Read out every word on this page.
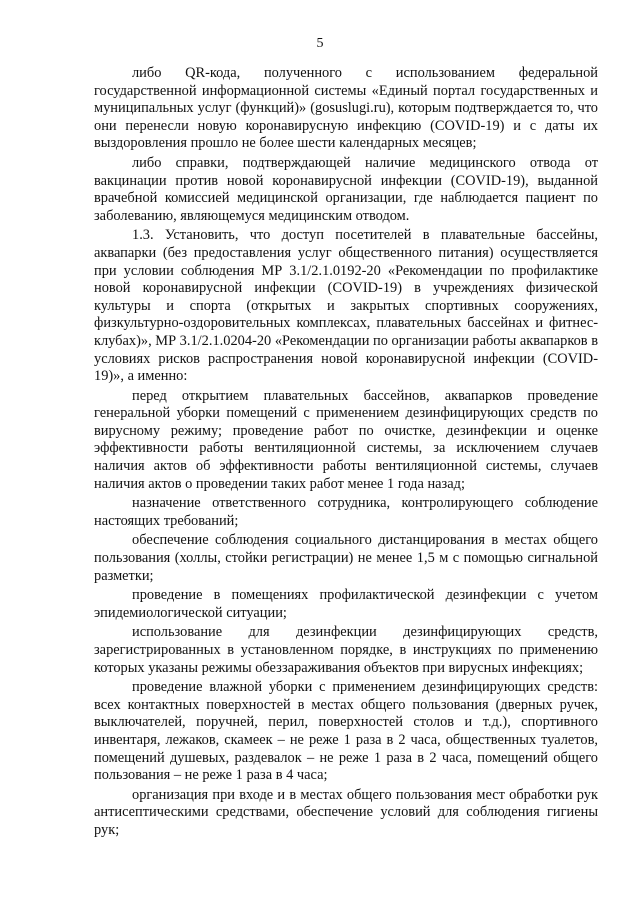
5

либо QR-кода, полученного с использованием федеральной государственной информационной системы «Единый портал государственных и муниципальных услуг (функций)» (gosuslugi.ru), которым подтверждается то, что они перенесли новую коронавирусную инфекцию (COVID-19) и с даты их выздоровления прошло не более шести календарных месяцев;

либо справки, подтверждающей наличие медицинского отвода от вакцинации против новой коронавирусной инфекции (COVID-19), выданной врачебной комиссией медицинской организации, где наблюдается пациент по заболеванию, являющемуся медицинским отводом.

1.3. Установить, что доступ посетителей в плавательные бассейны, аквапарки (без предоставления услуг общественного питания) осуществляется при условии соблюдения МР 3.1/2.1.0192-20 «Рекомендации по профилактике новой коронавирусной инфекции (COVID-19) в учреждениях физической культуры и спорта (открытых и закрытых спортивных сооружениях, физкультурно-оздоровительных комплексах, плавательных бассейнах и фитнес-клубах)», МР 3.1/2.1.0204-20 «Рекомендации по организации работы аквапарков в условиях рисков распространения новой коронавирусной инфекции (COVID-19)», а именно:

перед открытием плавательных бассейнов, аквапарков проведение генеральной уборки помещений с применением дезинфицирующих средств по вирусному режиму; проведение работ по очистке, дезинфекции и оценке эффективности работы вентиляционной системы, за исключением случаев наличия актов об эффективности работы вентиляционной системы, случаев наличия актов о проведении таких работ менее 1 года назад;

назначение ответственного сотрудника, контролирующего соблюдение настоящих требований;

обеспечение соблюдения социального дистанцирования в местах общего пользования (холлы, стойки регистрации) не менее 1,5 м с помощью сигнальной разметки;

проведение в помещениях профилактической дезинфекции с учетом эпидемиологической ситуации;

использование для дезинфекции дезинфицирующих средств, зарегистрированных в установленном порядке, в инструкциях по применению которых указаны режимы обеззараживания объектов при вирусных инфекциях;

проведение влажной уборки с применением дезинфицирующих средств: всех контактных поверхностей в местах общего пользования (дверных ручек, выключателей, поручней, перил, поверхностей столов и т.д.), спортивного инвентаря, лежаков, скамеек – не реже 1 раза в 2 часа, общественных туалетов, помещений душевых, раздевалок – не реже 1 раза в 2 часа, помещений общего пользования – не реже 1 раза в 4 часа;

организация при входе и в местах общего пользования мест обработки рук антисептическими средствами, обеспечение условий для соблюдения гигиены рук;
